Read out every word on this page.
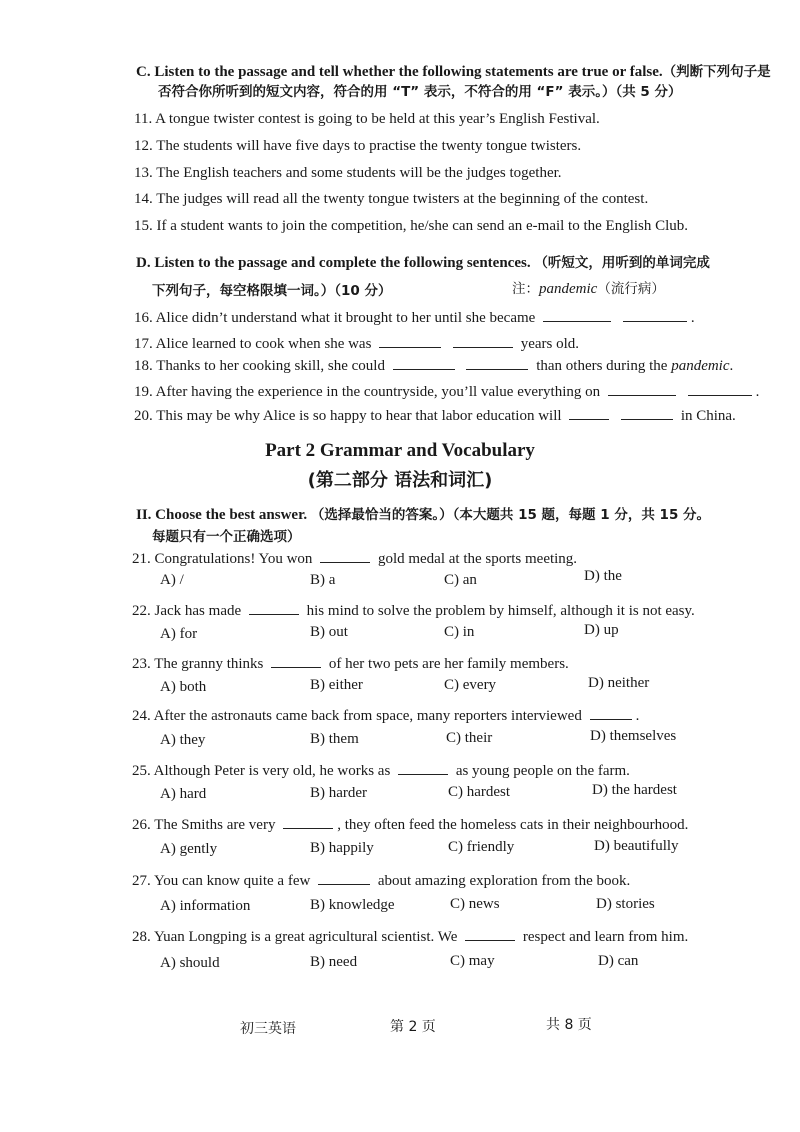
C. Listen to the passage and tell whether the following statements are true or false.（判断下列句子是
否符合你所听到的短文内容，符合的用 “T” 表示，不符合的用 “F” 表示。）（共 5 分）
11. A tongue twister contest is going to be held at this year’s English Festival.
12. The students will have five days to practise the twenty tongue twisters.
13. The English teachers and some students will be the judges together.
14. The judges will read all the twenty tongue twisters at the beginning of the contest.
15. If a student wants to join the competition, he/she can send an e-mail to the English Club.
D. Listen to the passage and complete the following sentences. （听短文，用听到的单词完成
下列句子，每空格限填一词。）（10 分）	注：pandemic（流行病）
16. Alice didn’t understand what it brought to her until she became	.
17. Alice learned to cook when she was	years old.
18. Thanks to her cooking skill, she could	than others during the pandemic.
19. After having the experience in the countryside, you’ll value everything on	.
20. This may be why Alice is so happy to hear that labor education will	in China.
Part 2 Grammar and Vocabulary
(第二部分 语法和词汇)
II. Choose the best answer. （选择最恰当的答案。）（本大题共 15 题，每题 1 分，共 15 分。
每题只有一个正确选项）
21. Congratulations! You won	gold medal at the sports meeting.
A) /	B) a	C) an	D) the
22. Jack has made	his mind to solve the problem by himself, although it is not easy.
A) for	B) out	C) in	D) up
23. The granny thinks	of her two pets are her family members.
A) both	B) either	C) every	D) neither
24. After the astronauts came back from space, many reporters interviewed	.
A) they	B) them	C) their	D) themselves
25. Although Peter is very old, he works as	as young people on the farm.
A) hard	B) harder	C) hardest	D) the hardest
26. The Smiths are very	, they often feed the homeless cats in their neighbourhood.
A) gently	B) happily	C) friendly	D) beautifully
27. You can know quite a few	about amazing exploration from the book.
A) information	B) knowledge	C) news	D) stories
28. Yuan Longping is a great agricultural scientist. We	respect and learn from him.
A) should	B) need	C) may	D) can
初三英语	第 2 页	共 8 页
